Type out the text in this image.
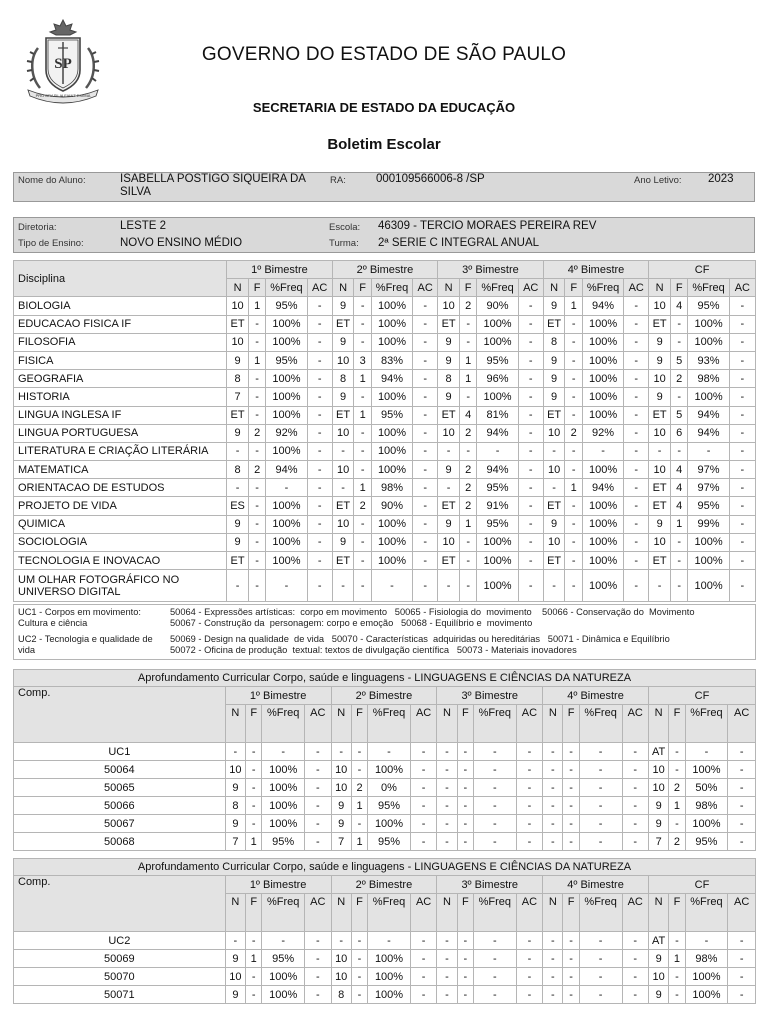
SP
PRO BRASILIA FIANT EXIMIA
GOVERNO DO ESTADO DE SÃO PAULO
SECRETARIA DE ESTADO DA EDUCAÇÃO
Boletim Escolar
Nome do Aluno:	ISABELLA POSTIGO SIQUEIRA DA SILVA
RA:	000109566006-8 /SP	Ano Letivo: 2023
Diretoria:	LESTE 2	Escola: 46309 - TERCIO MORAES PEREIRA REV
Tipo de Ensino:	NOVO ENSINO MÉDIO	Turma: 2ª SERIE C INTEGRAL ANUAL
Disciplina	1º Bimestre				2º Bimestre				3º Bimestre				4º Bimestre				CF			
	N	F	%Freq	AC	N	F	%Freq	AC	N	F	%Freq	AC	N	F	%Freq	AC	N	F	%Freq	AC
BIOLOGIA	10	1	95%	-	9	-	100%	-	10	2	90%	-	9	1	94%	-	10	4	95%	-
EDUCACAO FISICA IF	ET	-	100%	-	ET	-	100%	-	ET	-	100%	-	ET	-	100%	-	ET	-	100%	-
FILOSOFIA	10	-	100%	-	9	-	100%	-	9	-	100%	-	8	-	100%	-	9	-	100%	-
FISICA	9	1	95%	-	10	3	83%	-	9	1	95%	-	9	-	100%	-	9	5	93%	-
GEOGRAFIA	8	-	100%	-	8	1	94%	-	8	1	96%	-	9	-	100%	-	10	2	98%	-
HISTORIA	7	-	100%	-	9	-	100%	-	9	-	100%	-	9	-	100%	-	9	-	100%	-
LINGUA INGLESA IF	ET	-	100%	-	ET	1	95%	-	ET	4	81%	-	ET	-	100%	-	ET	5	94%	-
LINGUA PORTUGUESA	9	2	92%	-	10	-	100%	-	10	2	94%	-	10	2	92%	-	10	6	94%	-
LITERATURA E CRIAÇÃO LITERÁRIA	-	-	100%	-	-	-	100%	-	-	-	-	-	-	-	-	-	-	-	-	-
MATEMATICA	8	2	94%	-	10	-	100%	-	9	2	94%	-	10	-	100%	-	10	4	97%	-
ORIENTACAO DE ESTUDOS	-	-	-	-	-	1	98%	-	-	2	95%	-	-	1	94%	-	ET	4	97%	-
PROJETO DE VIDA	ES	-	100%	-	ET	2	90%	-	ET	2	91%	-	ET	-	100%	-	ET	4	95%	-
QUIMICA	9	-	100%	-	10	-	100%	-	9	1	95%	-	9	-	100%	-	9	1	99%	-
SOCIOLOGIA	9	-	100%	-	9	-	100%	-	10	-	100%	-	10	-	100%	-	10	-	100%	-
TECNOLOGIA E INOVACAO	ET	-	100%	-	ET	-	100%	-	ET	-	100%	-	ET	-	100%	-	ET	-	100%	-
UM OLHAR FOTOGRÁFICO NO UNIVERSO DIGITAL	-	-	-	-	-	-	-	-	-	-	100%	-	-	-	100%	-	-	-	100%	-
UC1 - Corpos em movimento: Cultura e ciência
50064 - Expressões artísticas:  corpo em movimento   50065 - Fisiologia do  movimento    50066 - Conservação do  Movimento
50067 - Construção da  personagem: corpo e emoção   50068 - Equilíbrio e  movimento
UC2 - Tecnologia e qualidade de vida
50069 - Design na qualidade  de vida   50070 - Características  adquiridas ou hereditárias   50071 - Dinâmica e Equilíbrio
50072 - Oficina de produção  textual: textos de divulgação científica   50073 - Materiais inovadores
Aprofundamento Curricular Corpo, saúde e linguagens - LINGUAGENS E CIÊNCIAS DA NATUREZA																				
Comp.	1º Bimestre				2º Bimestre				3º Bimestre				4º Bimestre				CF			
	N	F	%Freq	AC	N	F	%Freq	AC	N	F	%Freq	AC	N	F	%Freq	AC	N	F	%Freq	AC
UC1	-	-	-	-	-	-	-	-	-	-	-	-	-	-	-	-	AT	-	-	-
50064	10	-	100%	-	10	-	100%	-	-	-	-	-	-	-	-	-	10	-	100%	-
50065	9	-	100%	-	10	2	0%	-	-	-	-	-	-	-	-	-	10	2	50%	-
50066	8	-	100%	-	9	1	95%	-	-	-	-	-	-	-	-	-	9	1	98%	-
50067	9	-	100%	-	9	-	100%	-	-	-	-	-	-	-	-	-	9	-	100%	-
50068	7	1	95%	-	7	1	95%	-	-	-	-	-	-	-	-	-	7	2	95%	-
Aprofundamento Curricular Corpo, saúde e linguagens - LINGUAGENS E CIÊNCIAS DA NATUREZA																				
Comp.	1º Bimestre				2º Bimestre				3º Bimestre				4º Bimestre				CF			
	N	F	%Freq	AC	N	F	%Freq	AC	N	F	%Freq	AC	N	F	%Freq	AC	N	F	%Freq	AC
UC2	-	-	-	-	-	-	-	-	-	-	-	-	-	-	-	-	AT	-	-	-
50069	9	1	95%	-	10	-	100%	-	-	-	-	-	-	-	-	-	9	1	98%	-
50070	10	-	100%	-	10	-	100%	-	-	-	-	-	-	-	-	-	10	-	100%	-
50071	9	-	100%	-	8	-	100%	-	-	-	-	-	-	-	-	-	9	-	100%	-
